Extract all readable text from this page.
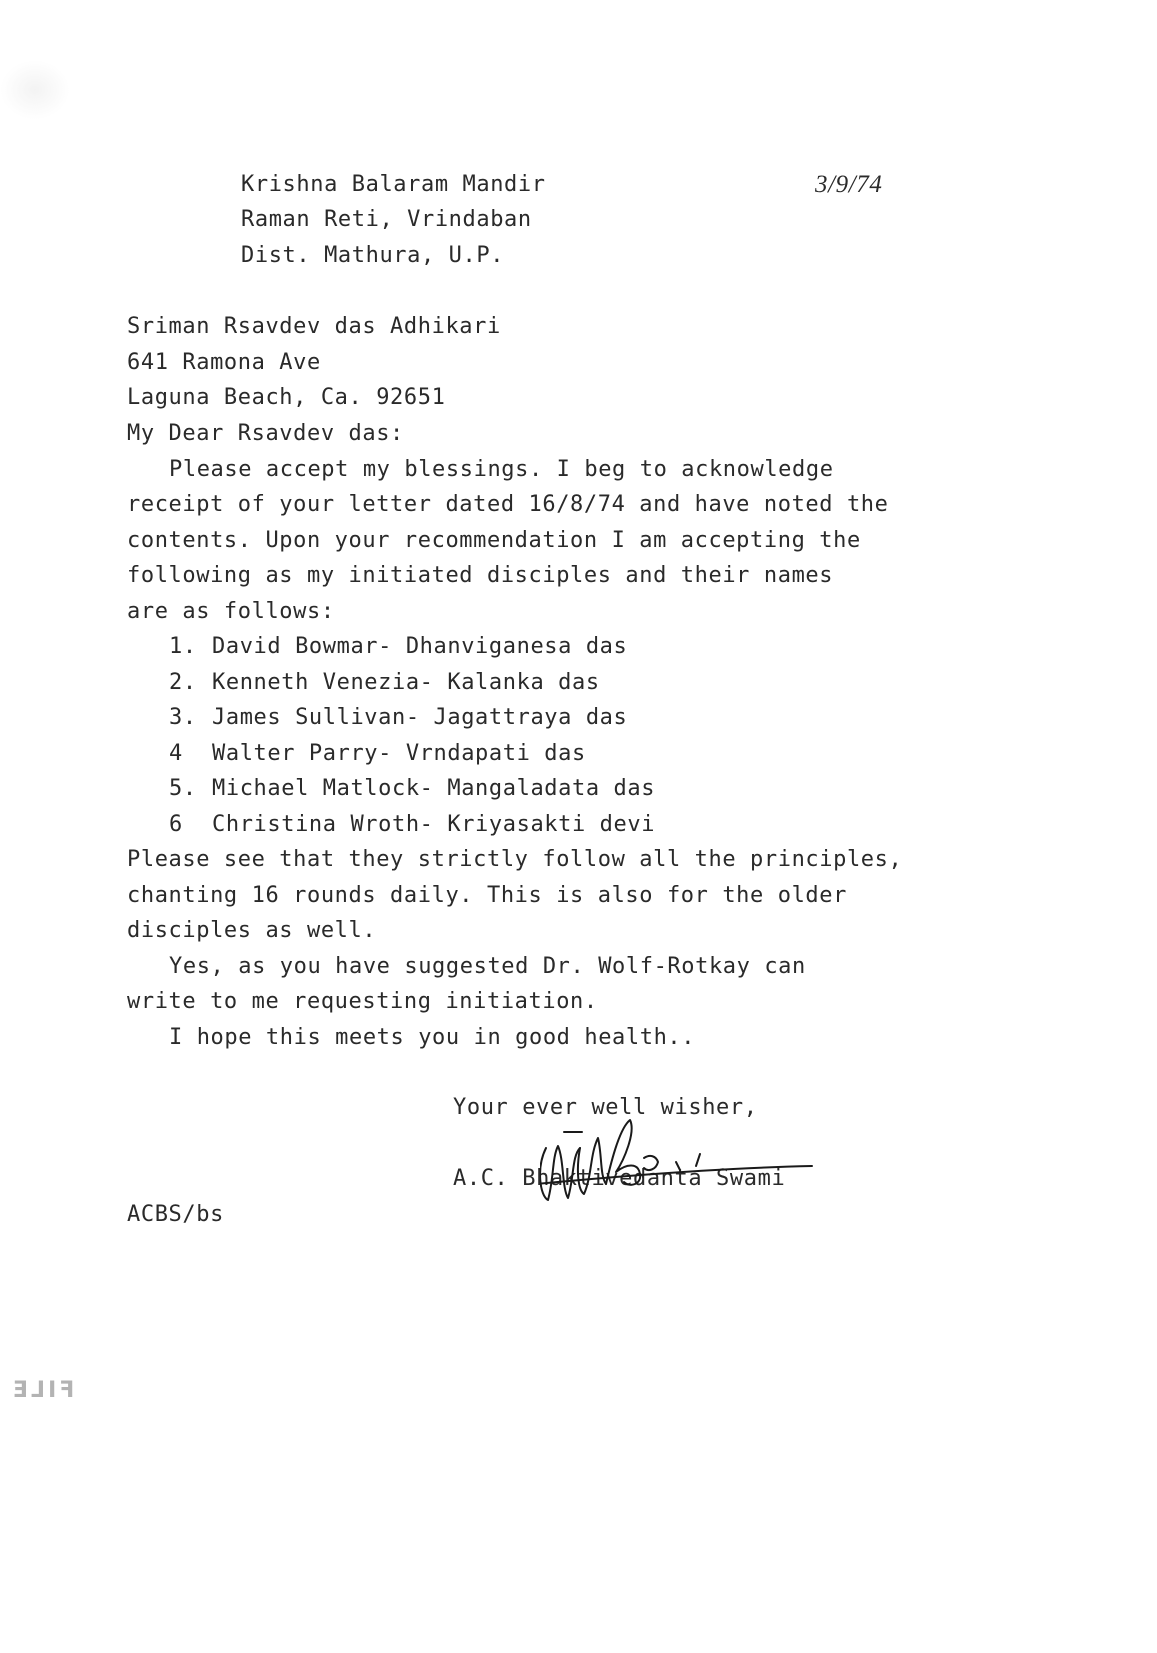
Krishna Balaram Mandir
Raman Reti, Vrindaban
Dist. Mathura, U.P.
3/9/74
Sriman Rsavdev das Adhikari
641 Ramona Ave
Laguna Beach, Ca. 92651
My Dear Rsavdev das:
Please accept my blessings. I beg to acknowledge
receipt of your letter dated 16/8/74 and have noted the
contents. Upon your recommendation I am accepting the
following as my initiated disciples and their names
are as follows:
1. David Bowmar- Dhanviganesa das
2. Kenneth Venezia- Kalanka das
3. James Sullivan- Jagattraya das
4 Walter Parry- Vrndapati das
5. Michael Matlock- Mangaladata das
6 Christina Wroth- Kriyasakti devi
Please see that they strictly follow all the principles,
chanting 16 rounds daily. This is also for the older
disciples as well.
Yes, as you have suggested Dr. Wolf-Rotkay can
write to me requesting initiation.
I hope this meets you in good health..
Your ever well wisher,
A.C. Bhaktivedanta Swami
ACBS/bs
FILE
